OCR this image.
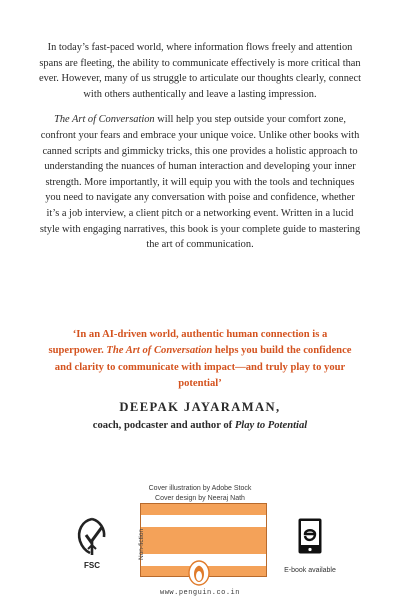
In today’s fast-paced world, where information flows freely and attention spans are fleeting, the ability to communicate effectively is more critical than ever. However, many of us struggle to articulate our thoughts clearly, connect with others authentically and leave a lasting impression.

The Art of Conversation will help you step outside your comfort zone, confront your fears and embrace your unique voice. Unlike other books with canned scripts and gimmicky tricks, this one provides a holistic approach to understanding the nuances of human interaction and developing your inner strength. More importantly, it will equip you with the tools and techniques you need to navigate any conversation with poise and confidence, whether it’s a job interview, a client pitch or a networking event. Written in a lucid style with engaging narratives, this book is your complete guide to mastering the art of communication.

‘In an AI-driven world, authentic human connection is a superpower. The Art of Conversation helps you build the confidence and clarity to communicate with impact—and truly play to your potential’
DEEPAK JAYARAMAN,
coach, podcaster and author of Play to Potential
Cover illustration by Adobe Stock
Cover design by Neeraj Nath
FSC
Non-fiction
www.penguin.co.in
E-book available
